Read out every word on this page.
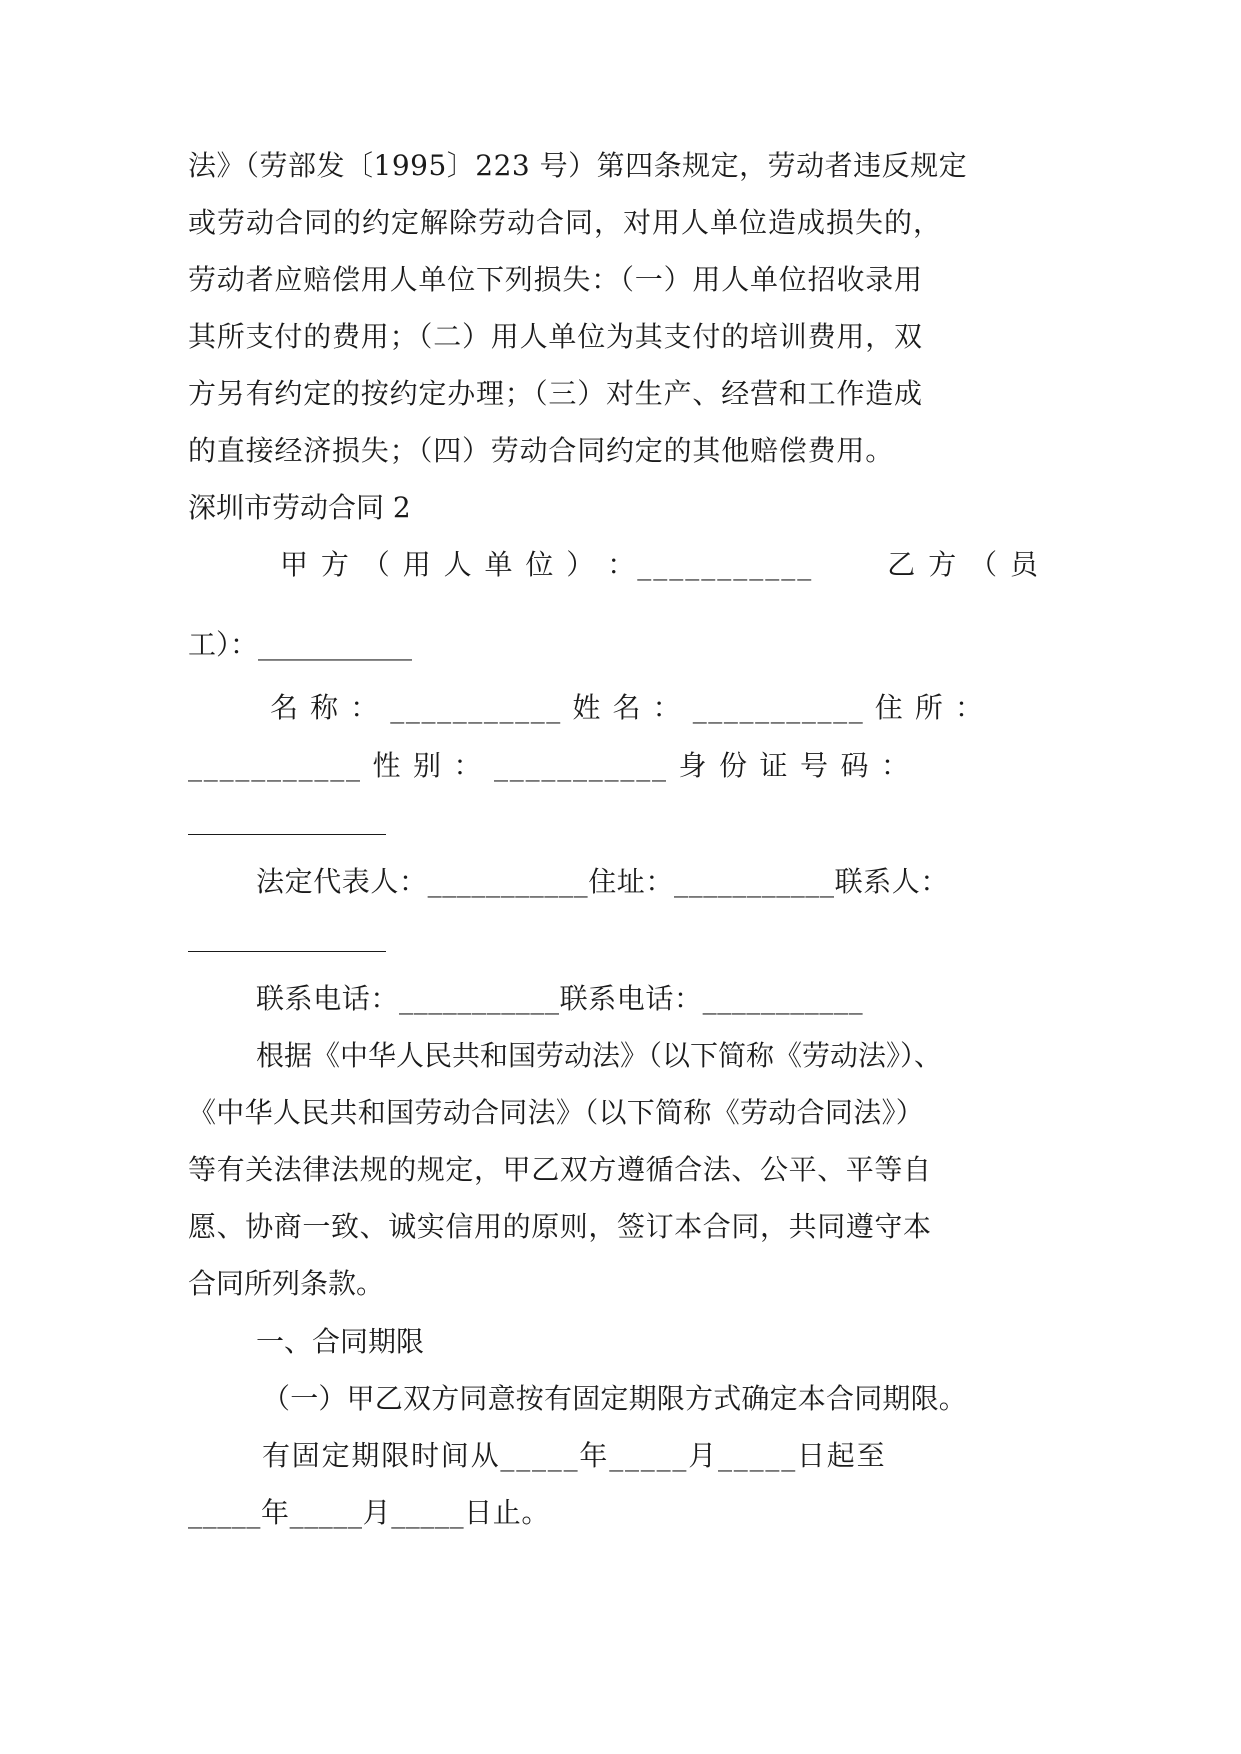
法》（劳部发〔1995〕223 号）第四条规定，劳动者违反规定
或劳动合同的约定解除劳动合同，对用人单位造成损失的，
劳动者应赔偿用人单位下列损失：（一）用人单位招收录用
其所支付的费用；（二）用人单位为其支付的培训费用，双
方另有约定的按约定办理；（三）对生产、经营和工作造成
的直接经济损失；（四）劳动合同约定的其他赔偿费用。
深圳市劳动合同 2
甲 方 （ 用 人 单 位 ） ：___________	乙 方 （ 员
工）：___________
名 称 ： ___________ 姓 名 ： ___________ 住 所 ：
___________ 性 别 ： ___________ 身 份 证 号 码 ：
法定代表人：___________住址：___________联系人：
联系电话：___________联系电话：___________
根据《中华人民共和国劳动法》（以下简称《劳动法》）、
《中华人民共和国劳动合同法》（以下简称《劳动合同法》）
等有关法律法规的规定，甲乙双方遵循合法、公平、平等自
愿、协商一致、诚实信用的原则，签订本合同，共同遵守本
合同所列条款。
一、合同期限
（一）甲乙双方同意按有固定期限方式确定本合同期限。
有固定期限时间从_____年_____月_____日起至
_____年_____月_____日止。
